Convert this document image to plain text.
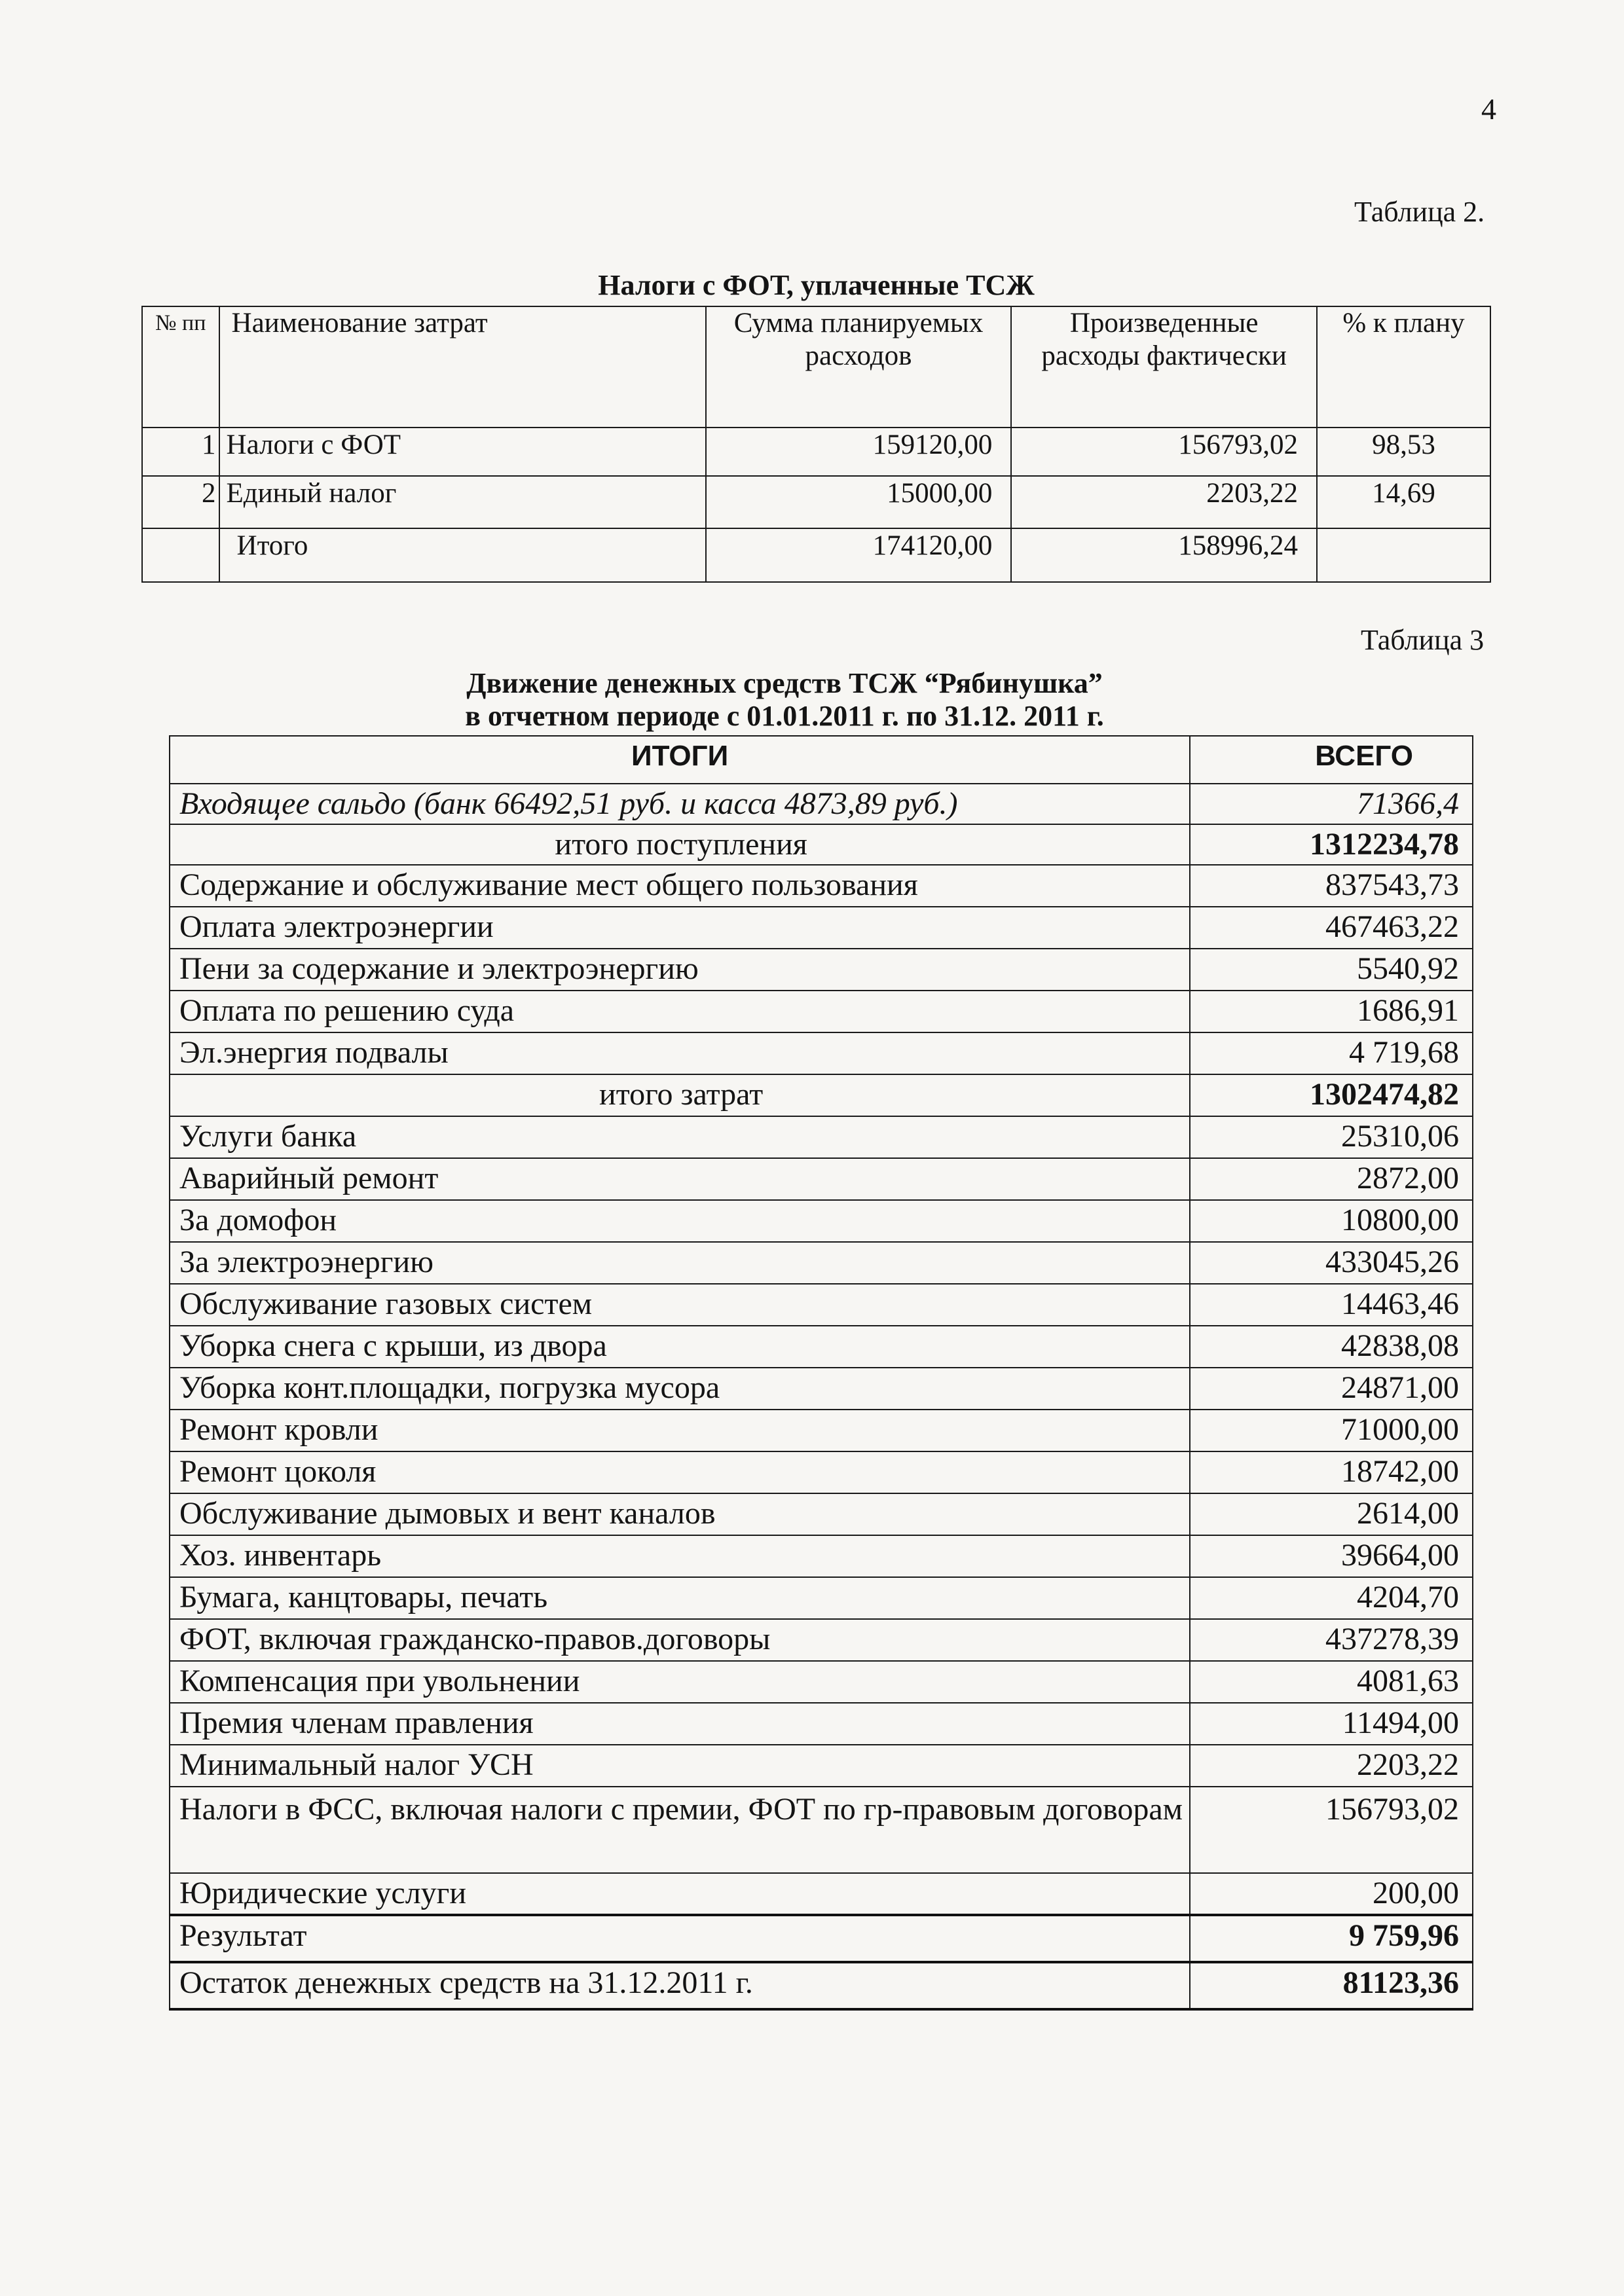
4
Таблица 2.
Налоги с ФОТ, уплаченные ТСЖ
№ пп	Наименование затрат	Сумма планируемых расходов	Произведенные расходы фактически	% к плану
1	Налоги с ФОТ	159120,00	156793,02	98,53
2	Единый налог	15000,00	2203,22	14,69
	Итого	174120,00	158996,24	
Таблица 3
Движение денежных средств ТСЖ “Рябинушка”
в отчетном периоде с 01.01.2011 г. по 31.12. 2011 г.
ИТОГИ	ВСЕГО
Входящее сальдо (банк 66492,51 руб. и касса 4873,89 руб.)	71366,4
итого поступления	1312234,78
Содержание и обслуживание мест общего пользования	837543,73
Оплата электроэнергии	467463,22
Пени за содержание и электроэнергию	5540,92
Оплата по решению суда	1686,91
Эл.энергия подвалы	4 719,68
итого затрат	1302474,82
Услуги банка	25310,06
Аварийный ремонт	2872,00
За домофон	10800,00
За электроэнергию	433045,26
Обслуживание газовых систем	14463,46
Уборка снега с крыши, из двора	42838,08
Уборка конт.площадки, погрузка мусора	24871,00
Ремонт кровли	71000,00
Ремонт цоколя	18742,00
Обслуживание дымовых и вент каналов	2614,00
Хоз. инвентарь	39664,00
Бумага, канцтовары, печать	4204,70
ФОТ, включая гражданско-правов.договоры	437278,39
Компенсация при увольнении	4081,63
Премия членам правления	11494,00
Минимальный налог УСН	2203,22
Налоги в ФСС, включая налоги с премии, ФОТ по гр-правовым договорам	156793,02
Юридические услуги	200,00
Результат	9 759,96
Остаток денежных средств на 31.12.2011 г.	81123,36
